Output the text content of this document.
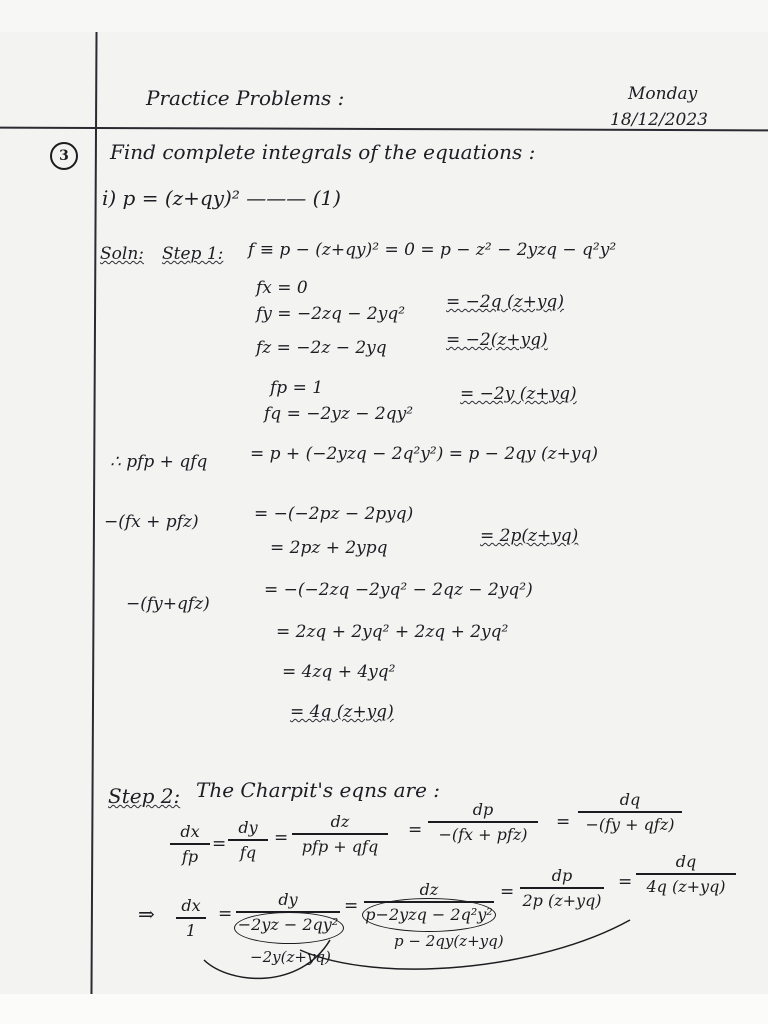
Practice Problems :	Monday
18/12/2023
3	Find complete integrals of the equations :
i) p = (z+qy)² ——— (1)
Soln: Step 1: f ≡ p − (z+qy)² = 0 = p − z² − 2yzq − q²y²
fx = 0
fy = −2zq − 2yq²
= −2q (z+yq)
fz = −2z − 2yq	= −2(z+yq)
fp = 1
fq = −2yz − 2qy²
= −2y (z+yq)
∴ pfp + qfq	= p + (−2yzq − 2q²y²) = p − 2qy (z+yq)
−(fx + pfz)	= −(−2pz − 2pyq)
= 2pz + 2ypq
= 2p(z+yq)
−(fy+qfz)
= −(−2zq −2yq² − 2qz − 2yq²)
= 2zq + 2yq² + 2zq + 2yq²
= 4zq + 4yq²
= 4q (z+yq)
Step 2: The Charpit's eqns are :
dx
fp
=
dy
fq
=
dz
pfp + qfq
=
dp
−(fx + pfz)
=
dq
−(fy + qfz)
⇒	dx
1
=
dy
−2yz − 2qy²
−2y(z+yq)
=
dz
p−2yzq − 2q²y²
p − 2qy(z+yq)
=
dp
2p (z+yq)
=
dq
4q (z+yq)
